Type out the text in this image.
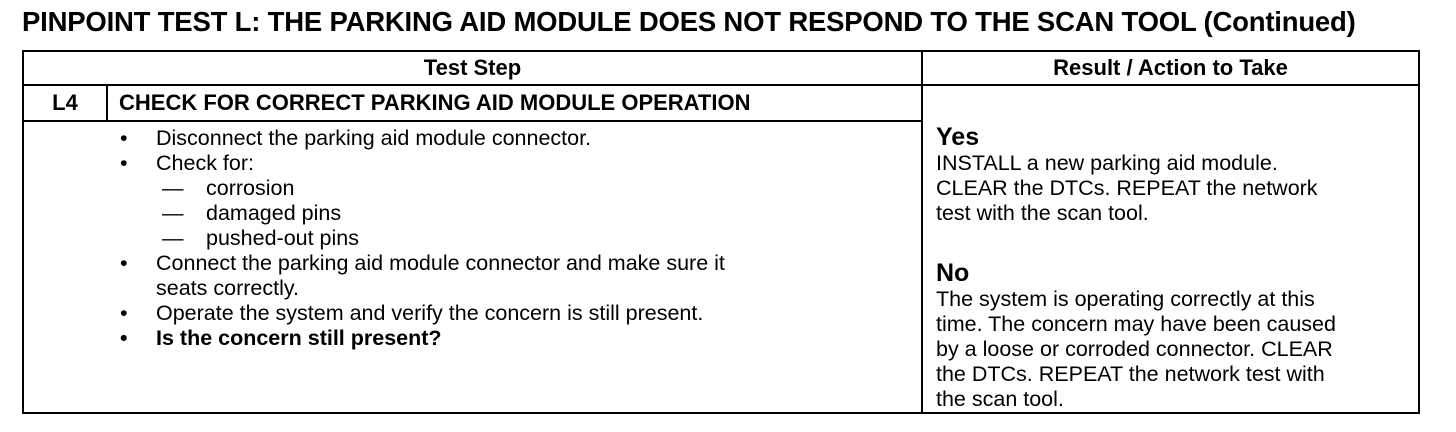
PINPOINT TEST L: THE PARKING AID MODULE DOES NOT RESPOND TO THE SCAN TOOL (Continued)
Test Step	Result / Action to Take
L4	CHECK FOR CORRECT PARKING AID MODULE OPERATION
• Disconnect the parking aid module connector.
• Check for:
— corrosion
— damaged pins
— pushed-out pins
• Connect the parking aid module connector and make sure it
seats correctly.
• Operate the system and verify the concern is still present.
• Is the concern still present?
Yes
INSTALL a new parking aid module.
CLEAR the DTCs. REPEAT the network
test with the scan tool.
No
The system is operating correctly at this
time. The concern may have been caused
by a loose or corroded connector. CLEAR
the DTCs. REPEAT the network test with
the scan tool.
